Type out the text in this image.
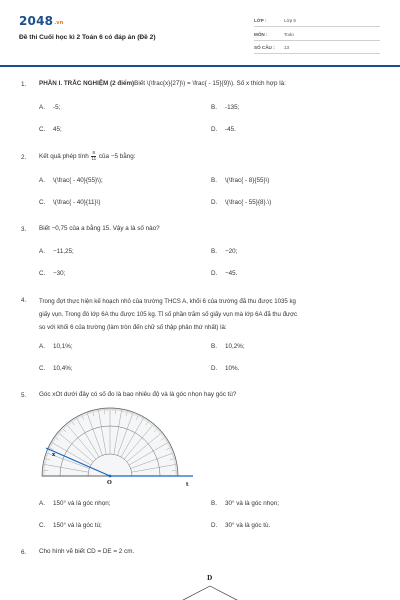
2048.vn
Đề thi Cuối học kì 2 Toán 6 có đáp án (Đề 2)
LỚP :	Lớp 6
MÔN :	Toán
SỐ CÂU : 13
1. PHẦN I. TRẮC NGHIỆM (2 điểm)Biết \(\frac{x}{27}\) = \frac{ - 15}{9}\). Số x thích hợp là:
A. -5;	B. -135;
C. 45;	D. -45.
2. Kết quả phép tính $\frac{8}{11}$ của −5 bằng:
A. \(\frac{ - 40}{55}\);	B. \(\frac{ - 8}{55}\)
C. \(\frac{ - 40}{11}\)	D. \(\frac{ - 55}{8}.\)
3. Biết −0,75 của a bằng 15. Vậy a là số nào?
A. −11,25;	B. −20;
C. −30;	D. −45.
4. Trong đợt thực hiện kế hoạch nhỏ của trường THCS A, khối 6 của trường đã thu được 1035 kg
giấy vụn. Trong đó lớp 6A thu được 105 kg. Tỉ số phần trăm số giấy vụn mà lớp 6A đã thu được
so với khối 6 của trường (làm tròn đến chữ số thập phân thứ nhất) là:
A. 10,1%;	B. 10,2%;
C. 10,4%;	D. 10%.
5. Góc xOt dưới đây có số đo là bao nhiêu độ và là góc nhọn hay góc tù?
O	t
x
A. 150° và là góc nhọn;	B. 30° và là góc nhọn;
C. 150° và là góc tù;	D. 30° và là góc tù.
6. Cho hình vẽ biết CD = DE = 2 cm.
D
